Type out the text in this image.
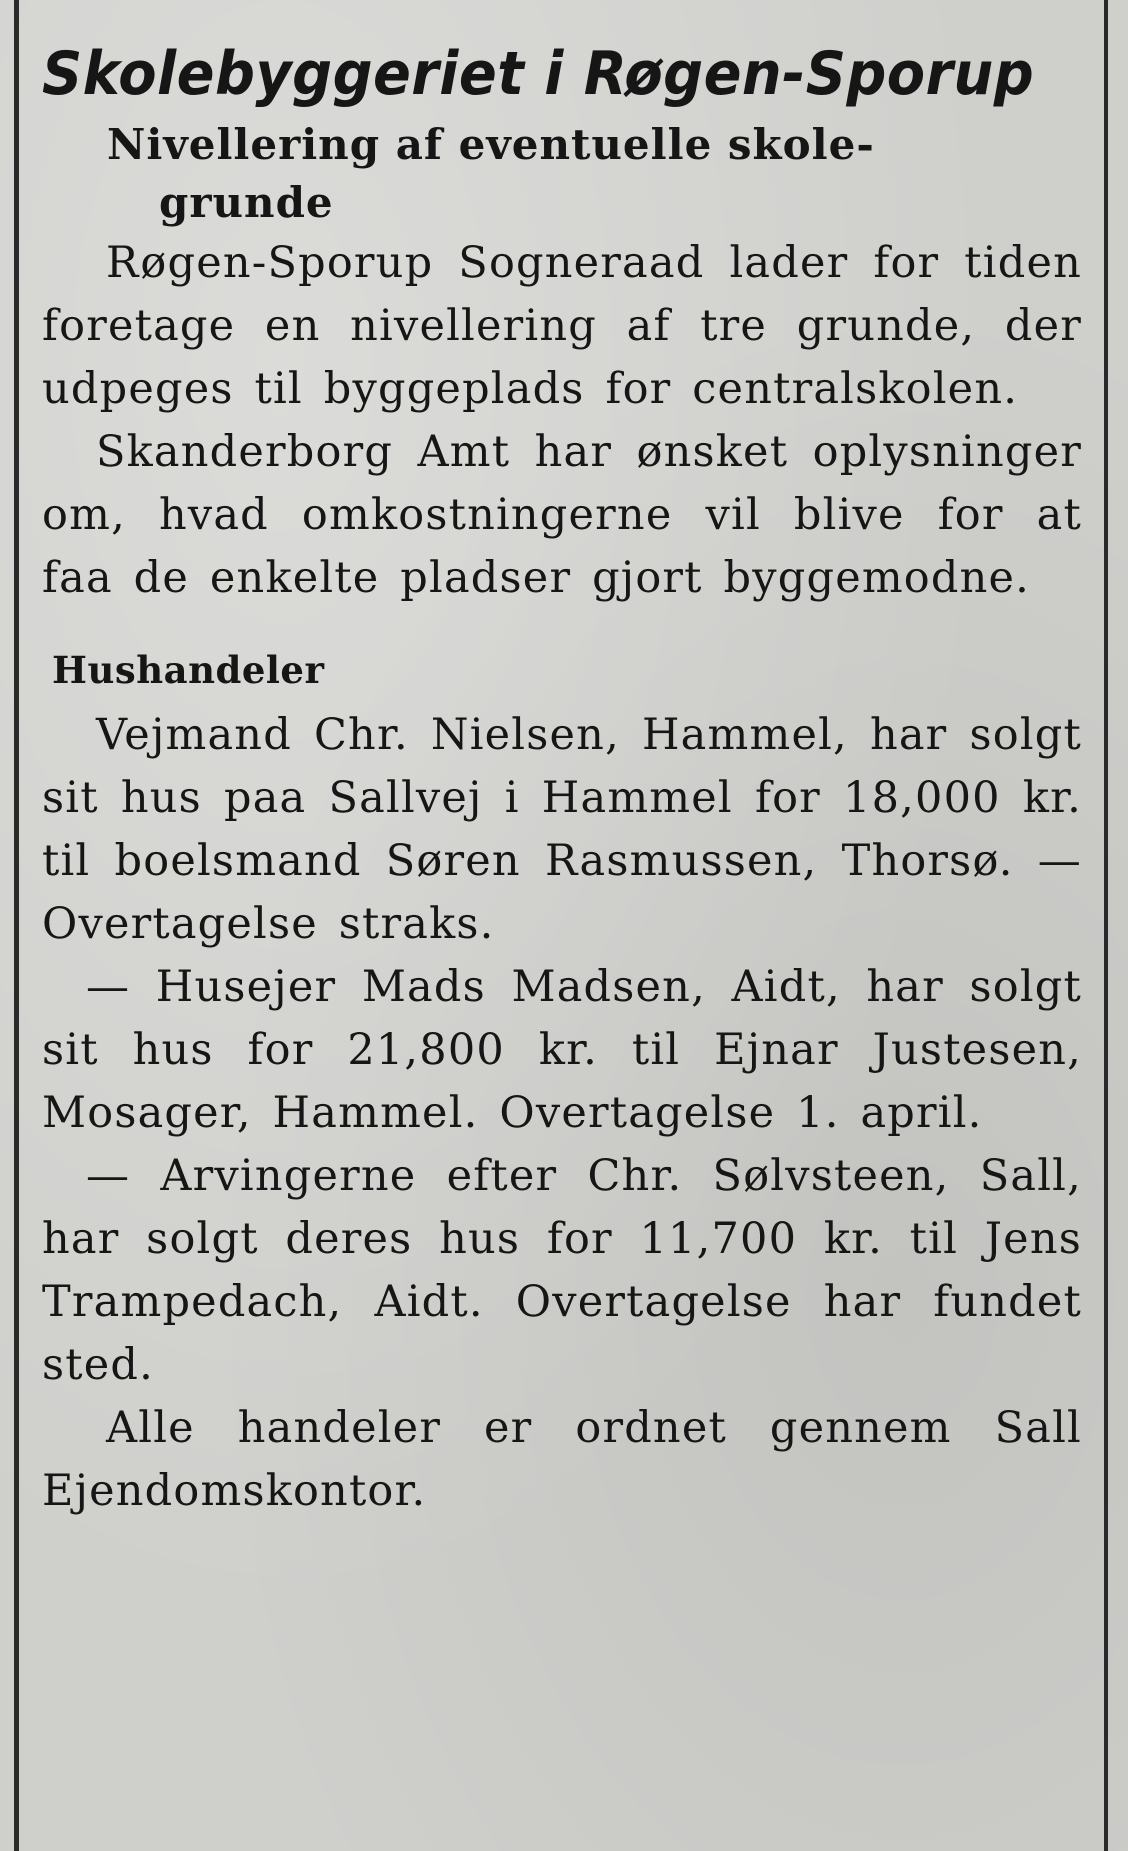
Skolebyggeriet i Røgen-Sporup
Nivellering af eventuelle skole-
grunde

Røgen-Sporup Sogneraad lader for tiden foretage en nivellering af tre grunde, der udpeges til byggeplads for centralskolen.

Skanderborg Amt har ønsket oplysninger om, hvad omkostningerne vil blive for at faa de enkelte pladser gjort byggemodne.

Hushandeler

Vejmand Chr. Nielsen, Hammel, har solgt sit hus paa Sallvej i Hammel for 18,000 kr. til boelsmand Søren Rasmussen, Thorsø. — Overtagelse straks.

— Husejer Mads Madsen, Aidt, har solgt sit hus for 21,800 kr. til Ejnar Justesen, Mosager, Hammel. Overtagelse 1. april.

— Arvingerne efter Chr. Sølvsteen, Sall, har solgt deres hus for 11,700 kr. til Jens Trampedach, Aidt. Overtagelse har fundet sted.

Alle handeler er ordnet gennem Sall Ejendomskontor.
